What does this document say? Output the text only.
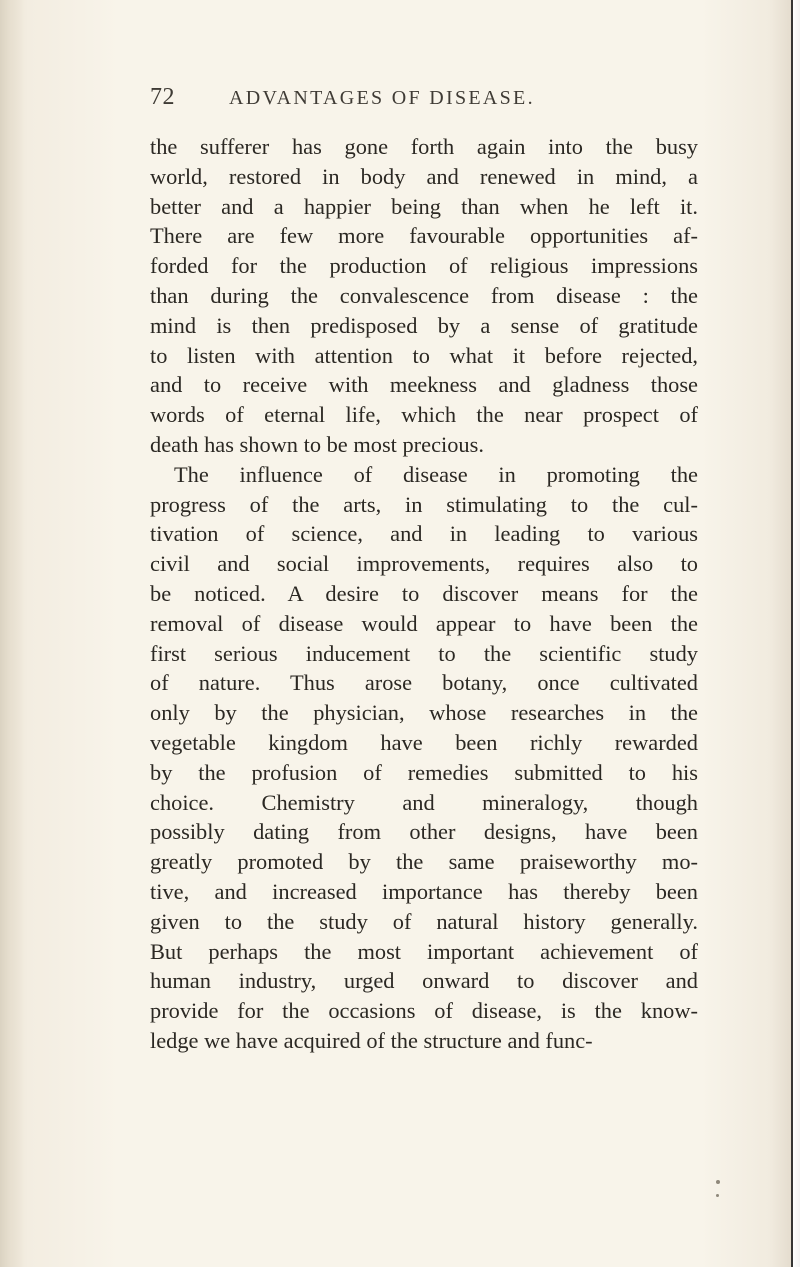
72	ADVANTAGES OF DISEASE.
the sufferer has gone forth again into the busy
world, restored in body and renewed in mind, a
better and a happier being than when he left it.
There are few more favourable opportunities af-
forded for the production of religious impressions
than during the convalescence from disease : the
mind is then predisposed by a sense of gratitude
to listen with attention to what it before rejected,
and to receive with meekness and gladness those
words of eternal life, which the near prospect of
death has shown to be most precious.
The influence of disease in promoting the
progress of the arts, in stimulating to the cul-
tivation of science, and in leading to various
civil and social improvements, requires also to
be noticed. A desire to discover means for the
removal of disease would appear to have been the
first serious inducement to the scientific study
of nature. Thus arose botany, once cultivated
only by the physician, whose researches in the
vegetable kingdom have been richly rewarded
by the profusion of remedies submitted to his
choice. Chemistry and mineralogy, though
possibly dating from other designs, have been
greatly promoted by the same praiseworthy mo-
tive, and increased importance has thereby been
given to the study of natural history generally.
But perhaps the most important achievement of
human industry, urged onward to discover and
provide for the occasions of disease, is the know-
ledge we have acquired of the structure and func-
